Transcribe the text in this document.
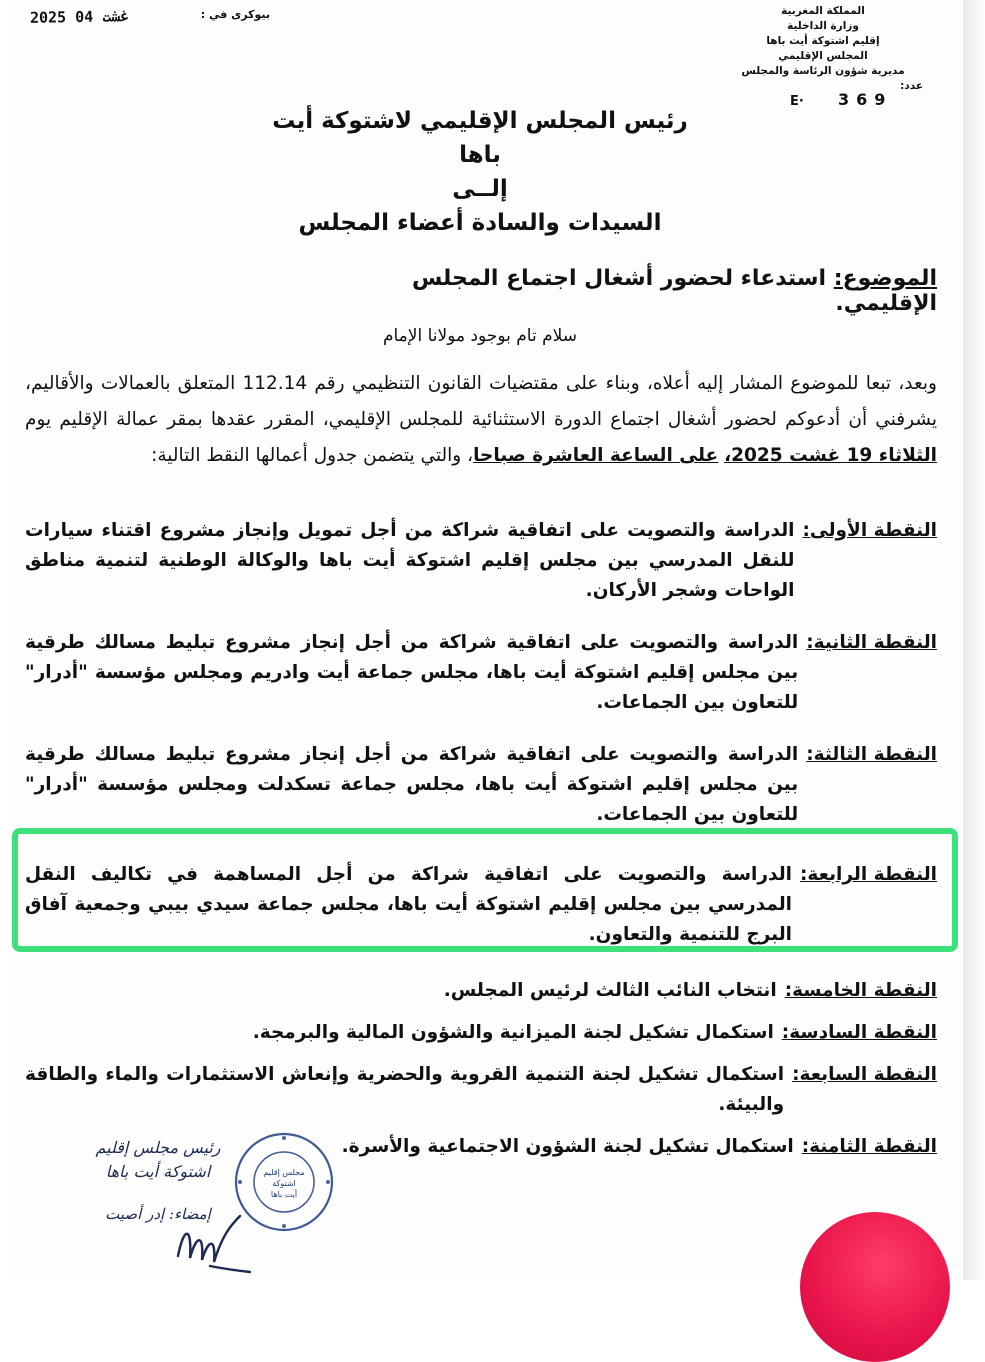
المملكة المغربية
وزارة الداخلية
إقليم اشتوكة أيت باها
المجلس الإقليمي
مديرية شؤون الرئاسة والمجلس
عدد:
369
E·
بيوكرى في :
2025 غشت 04
رئيس المجلس الإقليمي لاشتوكة أيت باها
إلــى
السيدات والسادة أعضاء المجلس
الموضوع: استدعاء لحضور أشغال اجتماع المجلس الإقليمي.
سلام تام بوجود مولانا الإمام
وبعد، تبعا للموضوع المشار إليه أعلاه، وبناء على مقتضيات القانون التنظيمي رقم 112.14 المتعلق بالعمالات والأقاليم، يشرفني أن أدعوكم لحضور أشغال اجتماع الدورة الاستثنائية للمجلس الإقليمي، المقرر عقدها بمقر عمالة الإقليم يوم الثلاثاء 19 غشت 2025، على الساعة العاشرة صباحا، والتي يتضمن جدول أعمالها النقط التالية:
النقطة الأولى:
الدراسة والتصويت على اتفاقية شراكة من أجل تمويل وإنجاز مشروع اقتناء سيارات للنقل المدرسي بين مجلس إقليم اشتوكة أيت باها والوكالة الوطنية لتنمية مناطق الواحات وشجر الأركان.
النقطة الثانية:
الدراسة والتصويت على اتفاقية شراكة من أجل إنجاز مشروع تبليط مسالك طرقية بين مجلس إقليم اشتوكة أيت باها، مجلس جماعة أيت وادريم ومجلس مؤسسة "أدرار" للتعاون بين الجماعات.
النقطة الثالثة:
الدراسة والتصويت على اتفاقية شراكة من أجل إنجاز مشروع تبليط مسالك طرقية بين مجلس إقليم اشتوكة أيت باها، مجلس جماعة تسكدلت ومجلس مؤسسة "أدرار" للتعاون بين الجماعات.
النقطة الرابعة:
الدراسة والتصويت على اتفاقية شراكة من أجل المساهمة في تكاليف النقل المدرسي بين مجلس إقليم اشتوكة أيت باها، مجلس جماعة سيدي بيبي وجمعية آفاق البرج للتنمية والتعاون.
النقطة الخامسة:
انتخاب النائب الثالث لرئيس المجلس.
النقطة السادسة:
استكمال تشكيل لجنة الميزانية والشؤون المالية والبرمجة.
النقطة السابعة:
استكمال تشكيل لجنة التنمية القروية والحضرية وإنعاش الاستثمارات والماء والطاقة والبيئة.
النقطة الثامنة:
استكمال تشكيل لجنة الشؤون الاجتماعية والأسرة.
مجلس إقليم
اشتوكة
أيت باها
رئيس مجلس إقليم
اشتوكة أيت باها
إمضاء: إدر أصيت
